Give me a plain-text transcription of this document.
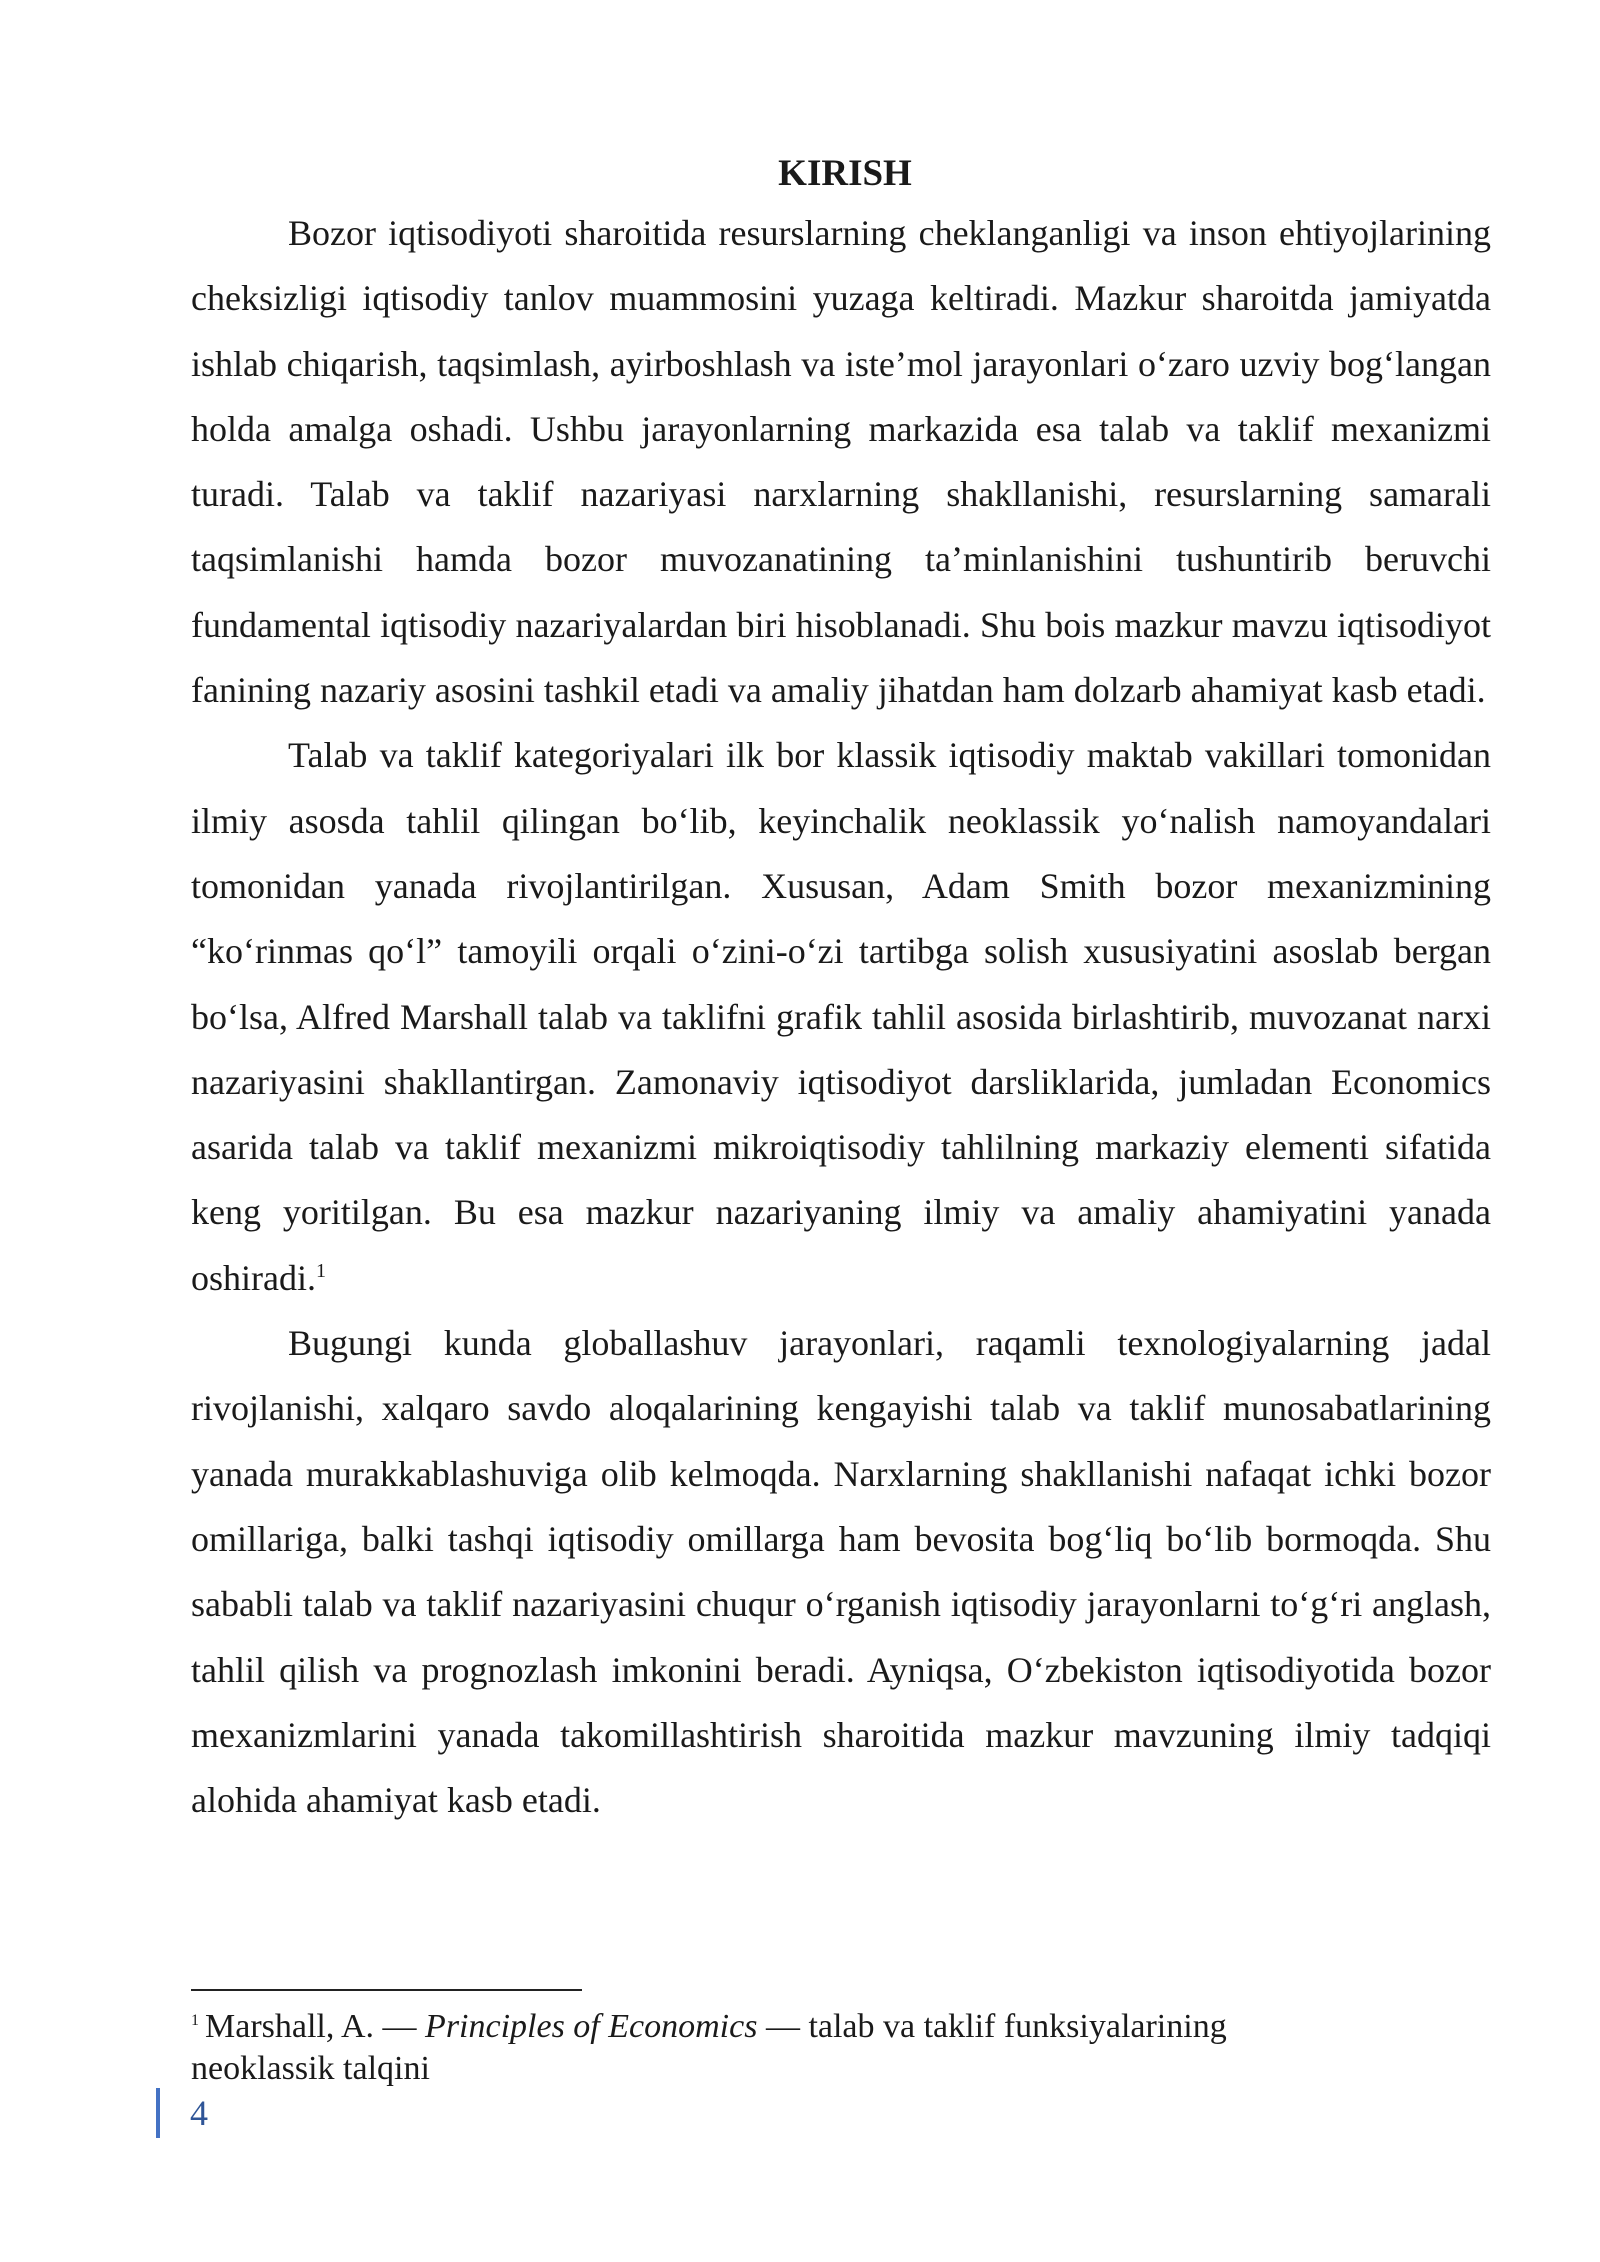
KIRISH

Bozor iqtisodiyoti sharoitida resurslarning cheklanganligi va inson ehtiyojlarining cheksizligi iqtisodiy tanlov muammosini yuzaga keltiradi. Mazkur sharoitda jamiyatda ishlab chiqarish, taqsimlash, ayirboshlash va iste’mol jarayonlari o‘zaro uzviy bog‘langan holda amalga oshadi. Ushbu jarayonlarning markazida esa talab va taklif mexanizmi turadi. Talab va taklif nazariyasi narxlarning shakllanishi, resurslarning samarali taqsimlanishi hamda bozor muvozanatining ta’minlanishini tushuntirib beruvchi fundamental iqtisodiy nazariyalardan biri hisoblanadi. Shu bois mazkur mavzu iqtisodiyot fanining nazariy asosini tashkil etadi va amaliy jihatdan ham dolzarb ahamiyat kasb etadi.

Talab va taklif kategoriyalari ilk bor klassik iqtisodiy maktab vakillari tomonidan ilmiy asosda tahlil qilingan bo‘lib, keyinchalik neoklassik yo‘nalish namoyandalari tomonidan yanada rivojlantirilgan. Xususan, Adam Smith bozor mexanizmining “ko‘rinmas qo‘l” tamoyili orqali o‘zini-o‘zi tartibga solish xususiyatini asoslab bergan bo‘lsa, Alfred Marshall talab va taklifni grafik tahlil asosida birlashtirib, muvozanat narxi nazariyasini shakllantirgan. Zamonaviy iqtisodiyot darsliklarida, jumladan Economics asarida talab va taklif mexanizmi mikroiqtisodiy tahlilning markaziy elementi sifatida keng yoritilgan. Bu esa mazkur nazariyaning ilmiy va amaliy ahamiyatini yanada oshiradi.$^1$

Bugungi kunda globallashuv jarayonlari, raqamli texnologiyalarning jadal rivojlanishi, xalqaro savdo aloqalarining kengayishi talab va taklif munosabatlarining yanada murakkablashuviga olib kelmoqda. Narxlarning shakllanishi nafaqat ichki bozor omillariga, balki tashqi iqtisodiy omillarga ham bevosita bog‘liq bo‘lib bormoqda. Shu sababli talab va taklif nazariyasini chuqur o‘rganish iqtisodiy jarayonlarni to‘g‘ri anglash, tahlil qilish va prognozlash imkonini beradi. Ayniqsa, O‘zbekiston iqtisodiyotida bozor mexanizmlarini yanada takomillashtirish sharoitida mazkur mavzuning ilmiy tadqiqi alohida ahamiyat kasb etadi.

$^1$ Marshall, A. — Principles of Economics — talab va taklif funksiyalarining neoklassik talqini

4
